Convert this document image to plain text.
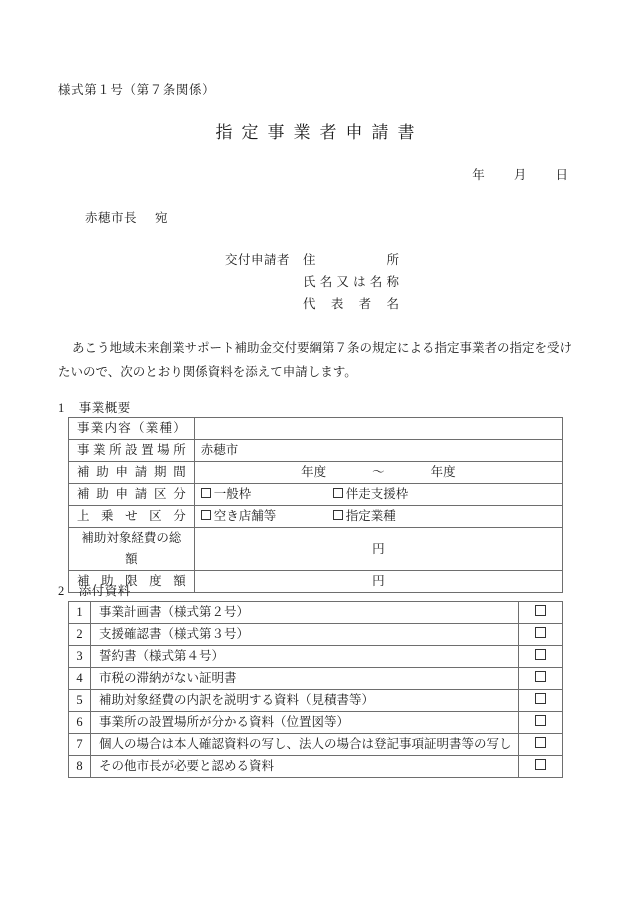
様式第１号（第７条関係）
指定事業者申請書
年 月 日
赤穂市長 宛
交付申請者	住所
氏名又は名称
代表者名
あこう地域未来創業サポート補助金交付要綱第７条の規定による指定事業者の指定を受けたいので、次のとおり関係資料を添えて申請します。
1 事業概要
事業内容（業種）	
事業所設置場所	赤穂市
補助申請期間	年度 ～ 年度

補助申請区分	一般枠 伴走支援枠

上乗せ区分	空き店舗等 指定業種

補助対象経費の総額	円
補助限度額	円
2 添付資料
1	事業計画書（様式第２号）	
2	支援確認書（様式第３号）	
3	誓約書（様式第４号）	
4	市税の滞納がない証明書	
5	補助対象経費の内訳を説明する資料（見積書等）	
6	事業所の設置場所が分かる資料（位置図等）	
7	個人の場合は本人確認資料の写し、法人の場合は登記事項証明書等の写し	
8	その他市長が必要と認める資料	
